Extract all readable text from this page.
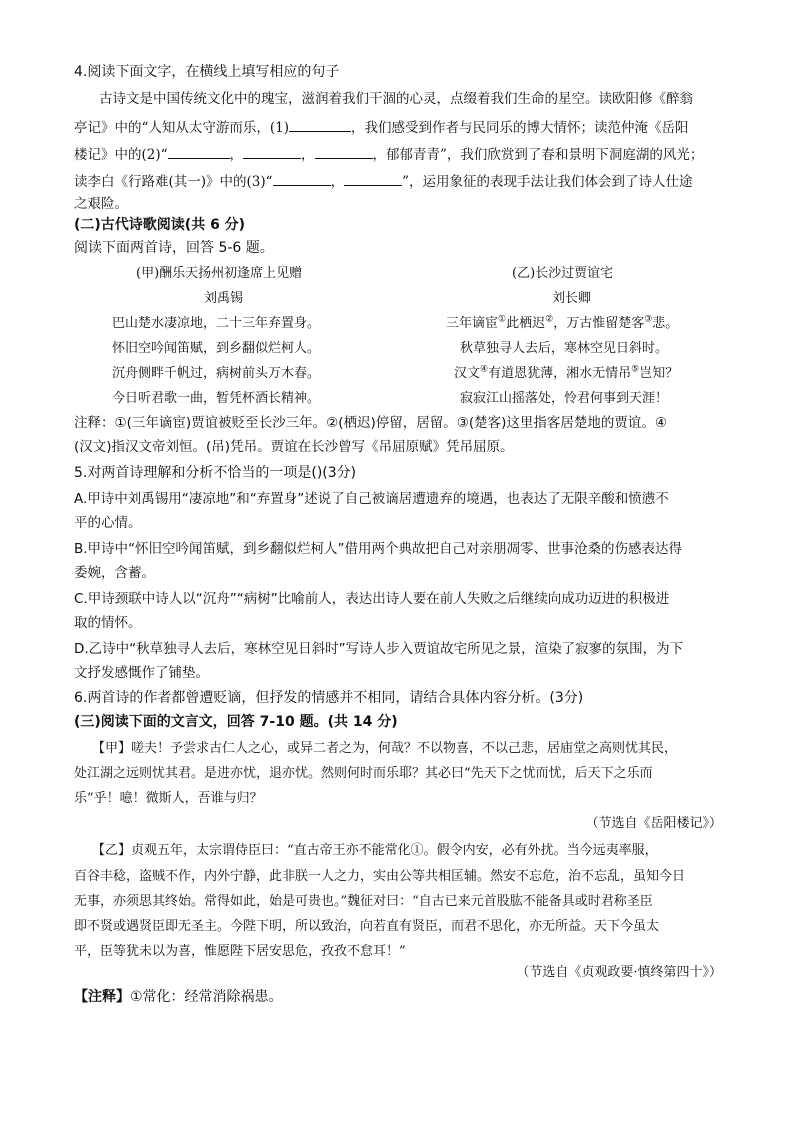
4.阅读下面文字，在横线上填写相应的句子
古诗文是中国传统文化中的瑰宝，滋润着我们干涸的心灵，点缀着我们生命的星空。读欧阳修《醉翁
亭记》中的“人知从太守游而乐，(1)	，我们感受到作者与民同乐的博大情怀；读范仲淹《岳阳
楼记》中的(2)“	，	，	，郁郁青青”，我们欣赏到了春和景明下洞庭湖的风光；
读李白《行路难(其一)》中的(3)“	，	”，运用象征的表现手法让我们体会到了诗人仕途
之艰险。
(二)古代诗歌阅读(共 6 分)
阅读下面两首诗，回答 5-6 题。
(甲)酬乐天扬州初逢席上见赠
刘禹锡
巴山楚水凄凉地，二十三年弃置身。
怀旧空吟闻笛赋，到乡翻似烂柯人。
沉舟侧畔千帆过，病树前头万木春。
今日听君歌一曲，暂凭杯酒长精神。
(乙)长沙过贾谊宅
刘长卿
三年谪宦①此栖迟②，万古惟留楚客③悲。
秋草独寻人去后，寒林空见日斜时。
汉文④有道恩犹薄，湘水无情吊⑤岂知？
寂寂江山摇落处，怜君何事到天涯！
注释：①(三年谪宦)贾谊被贬至长沙三年。②(栖迟)停留，居留。③(楚客)这里指客居楚地的贾谊。④
(汉文)指汉文帝刘恒。(吊)凭吊。贾谊在长沙曾写《吊屈原赋》凭吊屈原。
5.对两首诗理解和分析不恰当的一项是()(3分)
A.甲诗中刘禹锡用“凄凉地”和“弃置身”述说了自己被谪居遭遗弃的境遇，也表达了无限辛酸和愤懑不
平的心情。
B.甲诗中“怀旧空吟闻笛赋，到乡翻似烂柯人”借用两个典故把自己对亲朋凋零、世事沧桑的伤感表达得
委婉，含蓄。
C.甲诗颈联中诗人以“沉舟”“病树”比喻前人，表达出诗人要在前人失败之后继续向成功迈进的积极进
取的情怀。
D.乙诗中“秋草独寻人去后，寒林空见日斜时”写诗人步入贾谊故宅所见之景，渲染了寂寥的氛围，为下
文抒发感慨作了铺垫。
6.两首诗的作者都曾遭贬谪，但抒发的情感并不相同，请结合具体内容分析。(3分)
(三)阅读下面的文言文，回答 7-10 题。(共 14 分)
【甲】嗟夫！予尝求古仁人之心，或异二者之为，何哉？不以物喜，不以己悲，居庙堂之高则忧其民，
处江湖之远则忧其君。是进亦忧，退亦忧。然则何时而乐耶？其必曰“先天下之忧而忧，后天下之乐而
乐”乎！噫！微斯人，吾谁与归？
（节选自《岳阳楼记》）
【乙】贞观五年，太宗谓侍臣曰：“直古帝王亦不能常化①。假令内安，必有外扰。当今远夷率服，
百谷丰稔，盗贼不作，内外宁静，此非朕一人之力，实由公等共相匡辅。然安不忘危，治不忘乱，虽知今日
无事，亦须思其终始。常得如此，始是可贵也。”魏征对曰：“自古已来元首股肱不能备具或时君称圣臣
即不贤或遇贤臣即无圣主。今陛下明，所以致治，向若直有贤臣，而君不思化，亦无所益。天下今虽太
平，臣等犹未以为喜，惟愿陛下居安思危，孜孜不怠耳！”
（节选自《贞观政要·慎终第四十》）
【注释】①常化：经常消除祸患。
